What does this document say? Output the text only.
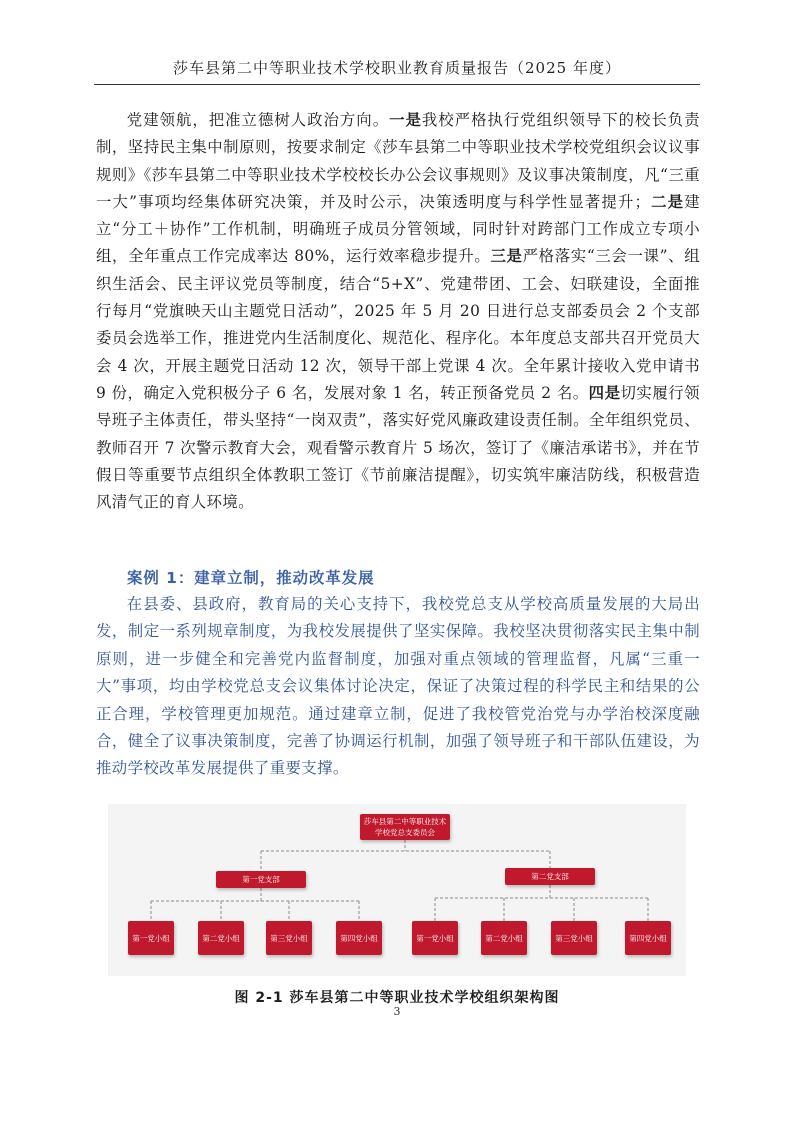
莎车县第二中等职业技术学校职业教育质量报告（2025 年度）

党建领航，把准立德树人政治方向。一是我校严格执行党组织领导下的校长负责制，坚持民主集中制原则，按要求制定《莎车县第二中等职业技术学校党组织会议议事规则》《莎车县第二中等职业技术学校校长办公会议事规则》及议事决策制度，凡“三重一大”事项均经集体研究决策，并及时公示，决策透明度与科学性显著提升；二是建立“分工＋协作”工作机制，明确班子成员分管领域，同时针对跨部门工作成立专项小组，全年重点工作完成率达 80%，运行效率稳步提升。三是严格落实“三会一课”、组织生活会、民主评议党员等制度，结合“5+X”、党建带团、工会、妇联建设，全面推行每月“党旗映天山主题党日活动”，2025 年 5 月 20 日进行总支部委员会 2 个支部委员会选举工作，推进党内生活制度化、规范化、程序化。本年度总支部共召开党员大会 4 次，开展主题党日活动 12 次，领导干部上党课 4 次。全年累计接收入党申请书 9 份，确定入党积极分子 6 名，发展对象 1 名，转正预备党员 2 名。四是切实履行领导班子主体责任，带头坚持“一岗双责”，落实好党风廉政建设责任制。全年组织党员、教师召开 7 次警示教育大会，观看警示教育片 5 场次，签订了《廉洁承诺书》，并在节假日等重要节点组织全体教职工签订《节前廉洁提醒》，切实筑牢廉洁防线，积极营造风清气正的育人环境。

案例 1：建章立制，推动改革发展

在县委、县政府，教育局的关心支持下，我校党总支从学校高质量发展的大局出发，制定一系列规章制度，为我校发展提供了坚实保障。我校坚决贯彻落实民主集中制原则，进一步健全和完善党内监督制度，加强对重点领域的管理监督，凡属“三重一大”事项，均由学校党总支会议集体讨论决定，保证了决策过程的科学民主和结果的公正合理，学校管理更加规范。通过建章立制，促进了我校管党治党与办学治校深度融合，健全了议事决策制度，完善了协调运行机制，加强了领导班子和干部队伍建设，为推动学校改革发展提供了重要支撑。

莎车县第二中等职业技术学校党总支委员会
第一党支部	第二党支部
第一党小组	第二党小组	第三党小组	第四党小组	第一党小组	第二党小组	第三党小组	第四党小组
图 2-1 莎车县第二中等职业技术学校组织架构图
3
